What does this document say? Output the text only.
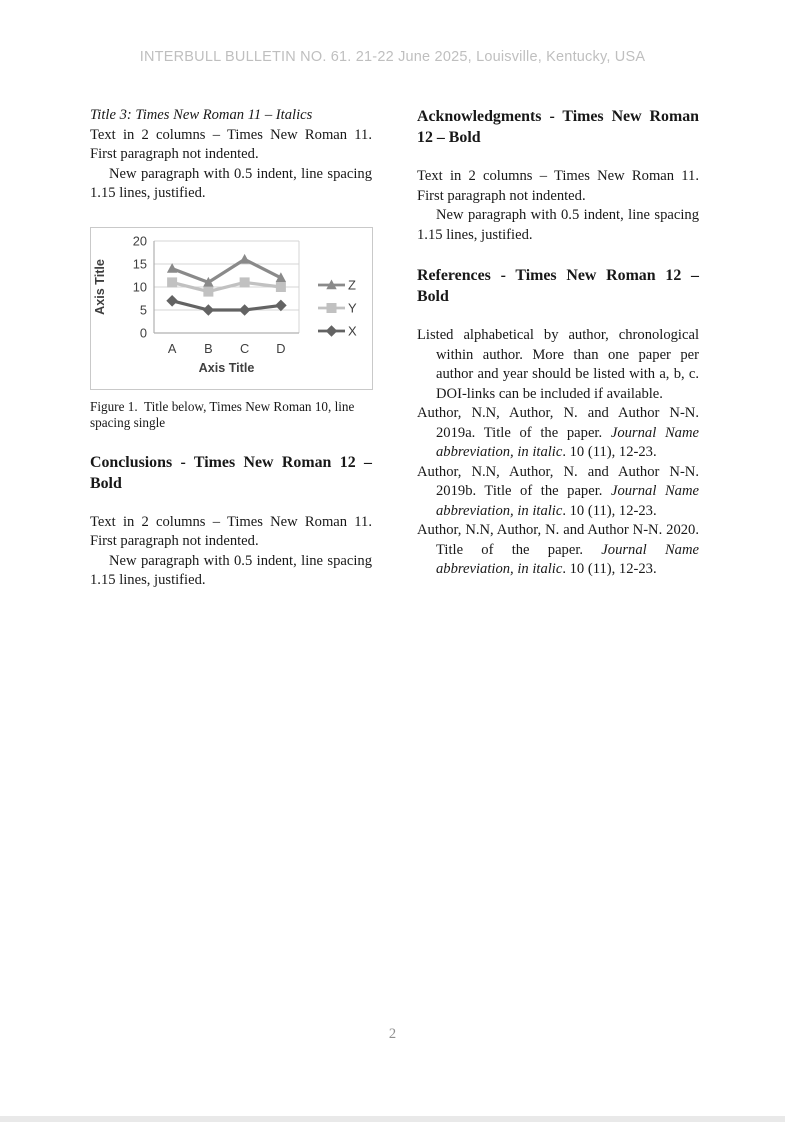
INTERBULL BULLETIN NO. 61. 21-22 June 2025, Louisville, Kentucky, USA

Title 3: Times New Roman 11 – Italics

Text in 2 columns – Times New Roman 11. First paragraph not indented.

New paragraph with 0.5 indent, line spacing 1.15 lines, justified.

0
5
10
15
20
A B C D
Axis Title
Axis Title
Z
Y
X

Figure 1.  Title below, Times New Roman 10, line spacing single

Conclusions - Times New Roman 12 – Bold

Text in 2 columns – Times New Roman 11. First paragraph not indented.

New paragraph with 0.5 indent, line spacing 1.15 lines, justified.

Acknowledgments - Times New Roman 12 – Bold

Text in 2 columns – Times New Roman 11. First paragraph not indented.

New paragraph with 0.5 indent, line spacing 1.15 lines, justified.

References - Times New Roman 12 – Bold

Listed alphabetical by author, chronological within author. More than one paper per author and year should be listed with a, b, c. DOI-links can be included if available.

Author, N.N, Author, N. and Author N-N. 2019a. Title of the paper. Journal Name abbreviation, in italic. 10 (11), 12-23.

Author, N.N, Author, N. and Author N-N. 2019b. Title of the paper. Journal Name abbreviation, in italic. 10 (11), 12-23.

Author, N.N, Author, N. and Author N-N. 2020. Title of the paper. Journal Name abbreviation, in italic. 10 (11), 12-23.

2
